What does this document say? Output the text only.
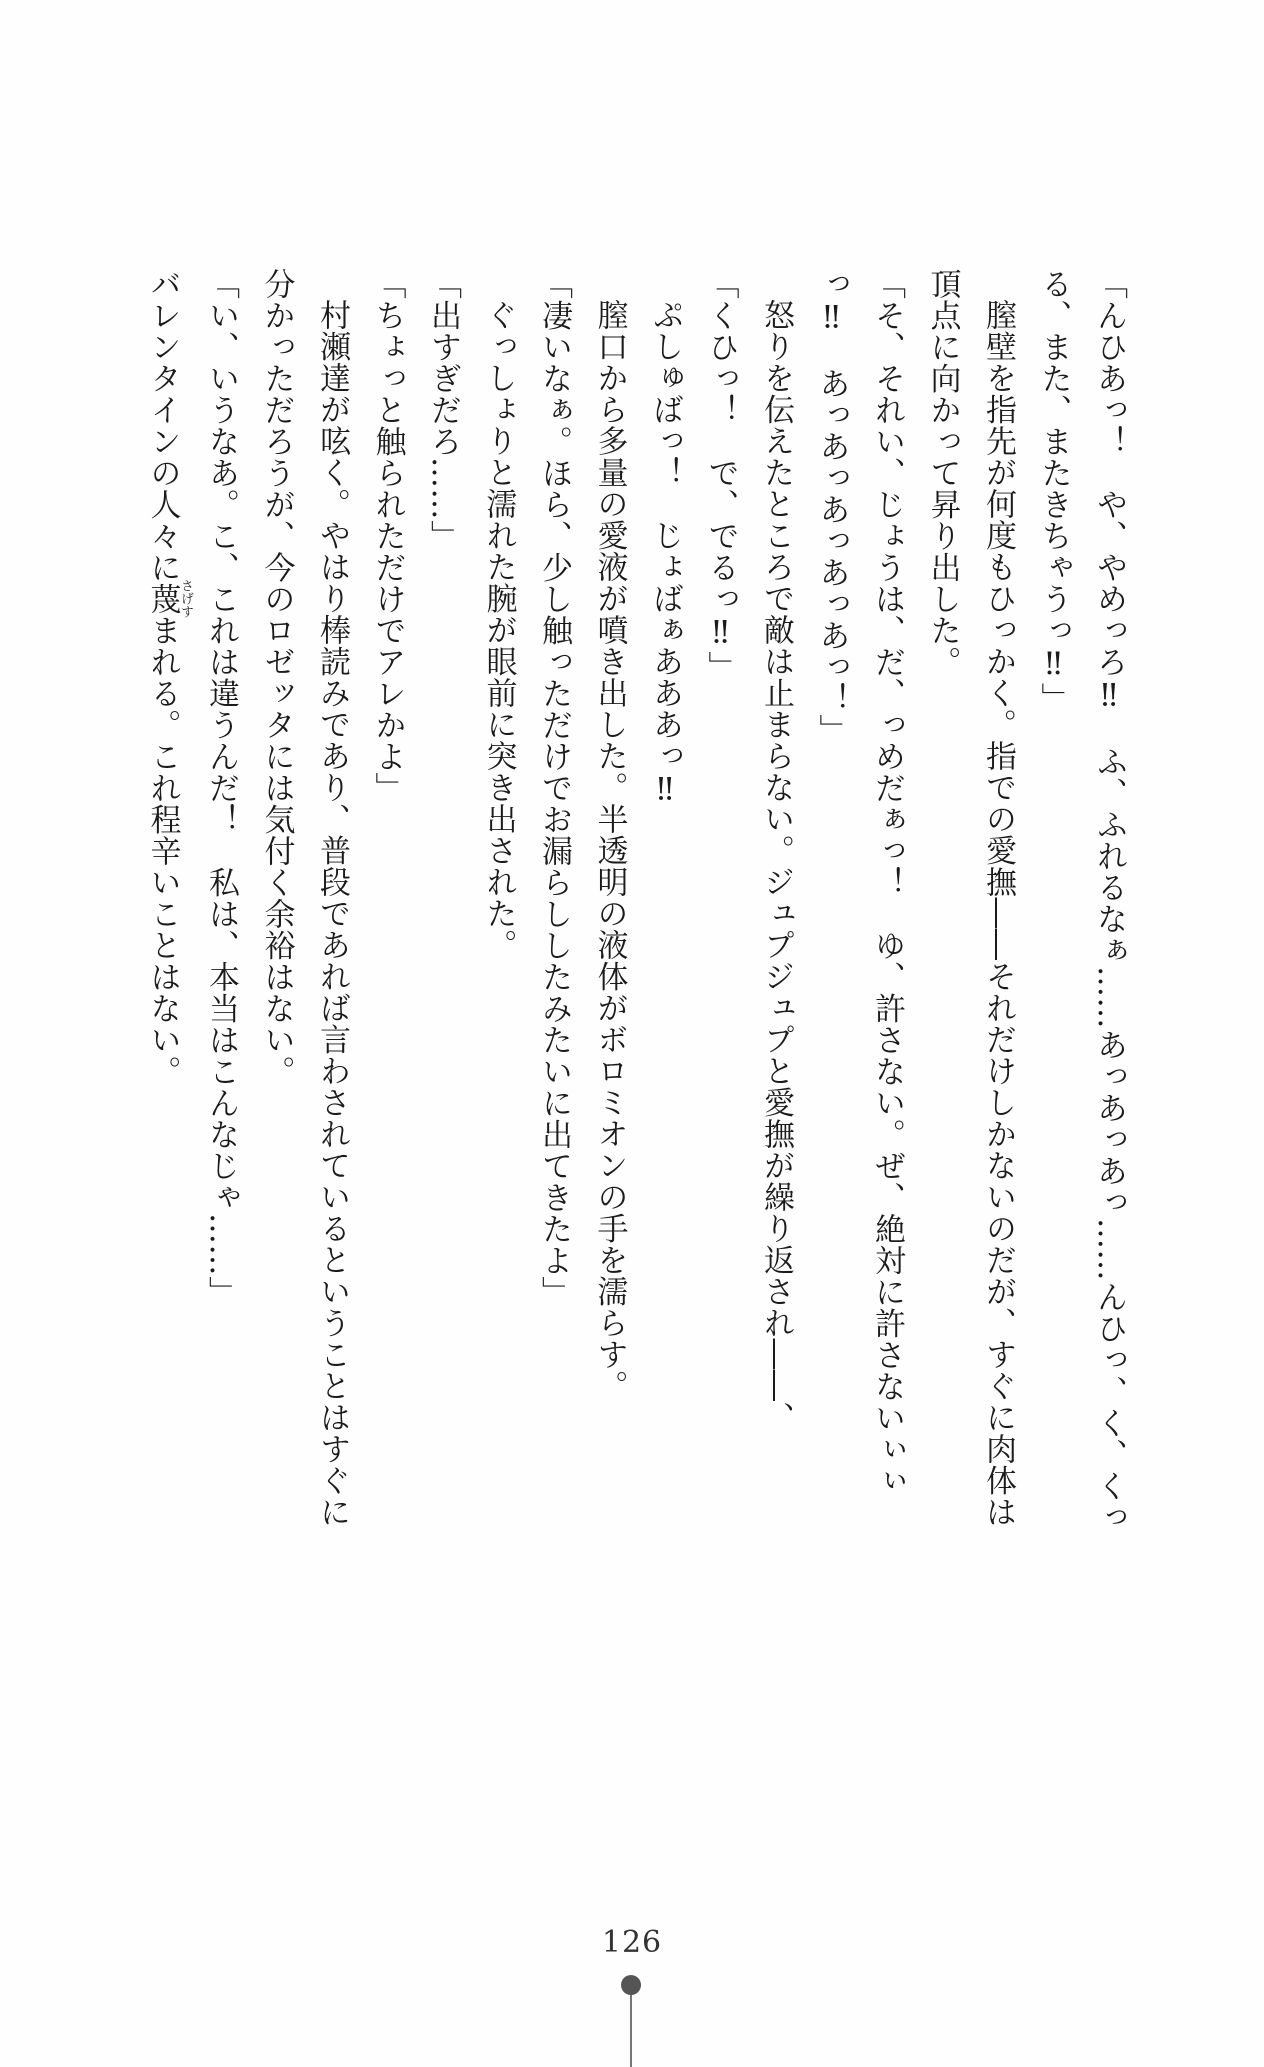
「んひあっ！　や、やめっろ‼　ふ、ふれるなぁ……あっあっあっ……んひっ、く、くっ
る、また、またきちゃうっ‼」
膣壁を指先が何度もひっかく。指での愛撫――それだけしかないのだが、すぐに肉体は
頂点に向かって昇り出した。
「そ、それい、じょうは、だ、っめだぁっ！　ゆ、許さない。ぜ、絶対に許さないぃぃ
っ‼　あっあっあっあっあっ！」
怒りを伝えたところで敵は止まらない。ジュプジュプと愛撫が繰り返され――、
「くひっ！　で、でるっ‼」
ぷしゅばっ！　じょばぁあああっ‼
膣口から多量の愛液が噴き出した。半透明の液体がボロミオンの手を濡らす。
「凄いなぁ。ほら、少し触っただけでお漏らししたみたいに出てきたよ」
ぐっしょりと濡れた腕が眼前に突き出された。
「出すぎだろ……」
「ちょっと触られただけでアレかよ」
村瀬達が呟く。やはり棒読みであり、普段であれば言わされているということはすぐに
分かっただろうが、今のロゼッタには気付く余裕はない。
「い、いうなあ。こ、これは違うんだ！　私は、本当はこんなじゃ……」
バレンタインの人々に蔑さげすまれる。これ程辛いことはない。
126
